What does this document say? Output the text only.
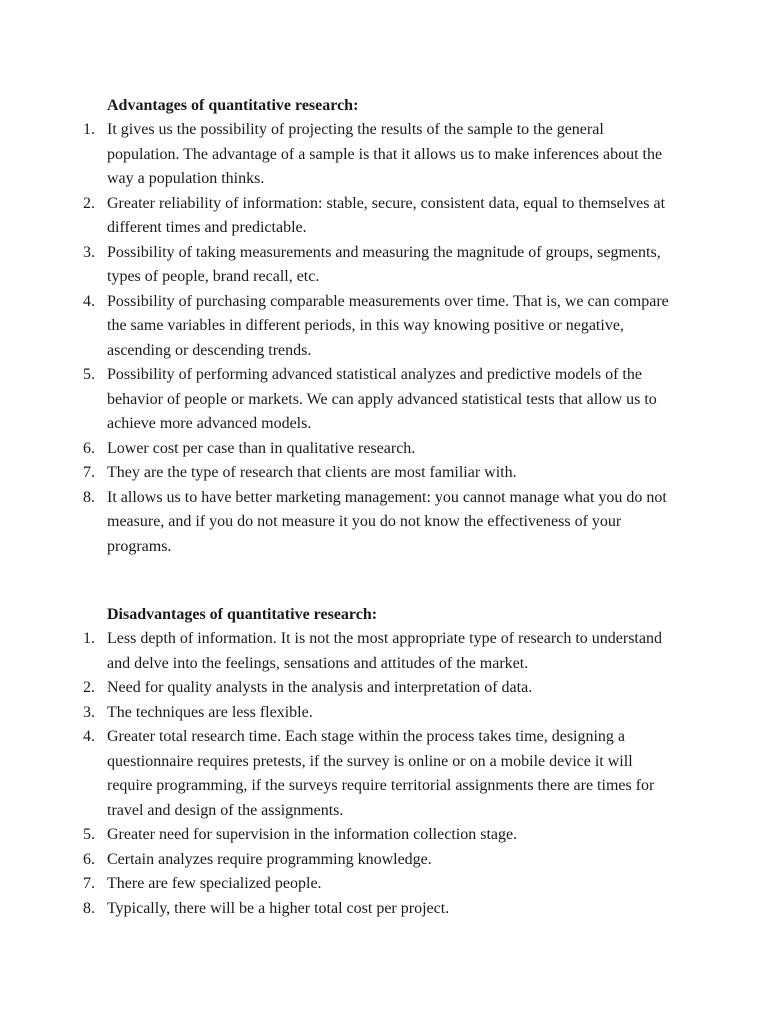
Advantages of quantitative research:
1. It gives us the possibility of projecting the results of the sample to the general population. The advantage of a sample is that it allows us to make inferences about the way a population thinks.
2. Greater reliability of information: stable, secure, consistent data, equal to themselves at different times and predictable.
3. Possibility of taking measurements and measuring the magnitude of groups, segments, types of people, brand recall, etc.
4. Possibility of purchasing comparable measurements over time. That is, we can compare the same variables in different periods, in this way knowing positive or negative, ascending or descending trends.
5. Possibility of performing advanced statistical analyzes and predictive models of the behavior of people or markets. We can apply advanced statistical tests that allow us to achieve more advanced models.
6. Lower cost per case than in qualitative research.
7. They are the type of research that clients are most familiar with.
8. It allows us to have better marketing management: you cannot manage what you do not measure, and if you do not measure it you do not know the effectiveness of your programs.
Disadvantages of quantitative research:
1. Less depth of information. It is not the most appropriate type of research to understand and delve into the feelings, sensations and attitudes of the market.
2. Need for quality analysts in the analysis and interpretation of data.
3. The techniques are less flexible.
4. Greater total research time. Each stage within the process takes time, designing a questionnaire requires pretests, if the survey is online or on a mobile device it will require programming, if the surveys require territorial assignments there are times for travel and design of the assignments.
5. Greater need for supervision in the information collection stage.
6. Certain analyzes require programming knowledge.
7. There are few specialized people.
8. Typically, there will be a higher total cost per project.
